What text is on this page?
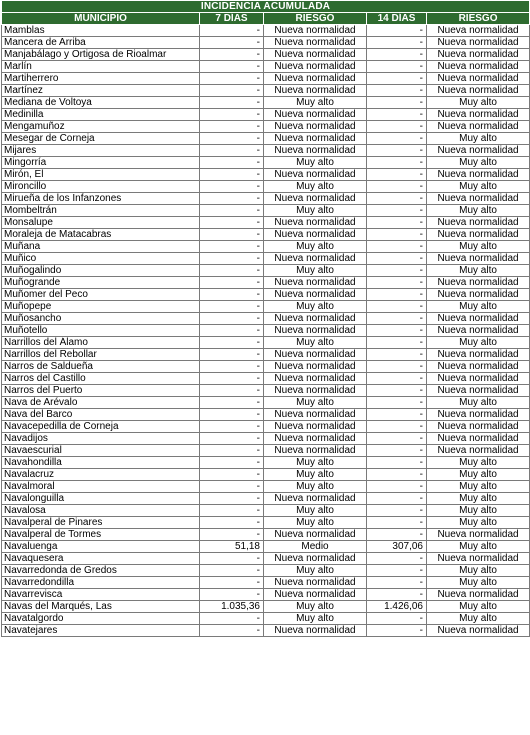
INCIDENCIA ACUMULADA				
MUNICIPIO	7 DÍAS	RIESGO	14 DÍAS	RIESGO
Mamblas	-	Nueva normalidad	-	Nueva normalidad
Mancera de Arriba	-	Nueva normalidad	-	Nueva normalidad
Manjabálago y Ortigosa de Rioalmar	-	Nueva normalidad	-	Nueva normalidad
Marlín	-	Nueva normalidad	-	Nueva normalidad
Martiherrero	-	Nueva normalidad	-	Nueva normalidad
Martínez	-	Nueva normalidad	-	Nueva normalidad
Mediana de Voltoya	-	Muy alto	-	Muy alto
Medinilla	-	Nueva normalidad	-	Nueva normalidad
Mengamuñoz	-	Nueva normalidad	-	Nueva normalidad
Mesegar de Corneja	-	Nueva normalidad	-	Muy alto
Mijares	-	Nueva normalidad	-	Nueva normalidad
Mingorría	-	Muy alto	-	Muy alto
Mirón, El	-	Nueva normalidad	-	Nueva normalidad
Mironcillo	-	Muy alto	-	Muy alto
Mirueña de los Infanzones	-	Nueva normalidad	-	Nueva normalidad
Mombeltrán	-	Muy alto	-	Muy alto
Monsalupe	-	Nueva normalidad	-	Nueva normalidad
Moraleja de Matacabras	-	Nueva normalidad	-	Nueva normalidad
Muñana	-	Muy alto	-	Muy alto
Muñico	-	Nueva normalidad	-	Nueva normalidad
Muñogalindo	-	Muy alto	-	Muy alto
Muñogrande	-	Nueva normalidad	-	Nueva normalidad
Muñomer del Peco	-	Nueva normalidad	-	Nueva normalidad
Muñopepe	-	Muy alto	-	Muy alto
Muñosancho	-	Nueva normalidad	-	Nueva normalidad
Muñotello	-	Nueva normalidad	-	Nueva normalidad
Narrillos del Álamo	-	Muy alto	-	Muy alto
Narrillos del Rebollar	-	Nueva normalidad	-	Nueva normalidad
Narros de Saldueña	-	Nueva normalidad	-	Nueva normalidad
Narros del Castillo	-	Nueva normalidad	-	Nueva normalidad
Narros del Puerto	-	Nueva normalidad	-	Nueva normalidad
Nava de Arévalo	-	Muy alto	-	Muy alto
Nava del Barco	-	Nueva normalidad	-	Nueva normalidad
Navacepedilla de Corneja	-	Nueva normalidad	-	Nueva normalidad
Navadijos	-	Nueva normalidad	-	Nueva normalidad
Navaescurial	-	Nueva normalidad	-	Nueva normalidad
Navahondilla	-	Muy alto	-	Muy alto
Navalacruz	-	Muy alto	-	Muy alto
Navalmoral	-	Muy alto	-	Muy alto
Navalonguilla	-	Nueva normalidad	-	Muy alto
Navalosa	-	Muy alto	-	Muy alto
Navalperal de Pinares	-	Muy alto	-	Muy alto
Navalperal de Tormes	-	Nueva normalidad	-	Nueva normalidad
Navaluenga	51,18	Medio	307,06	Muy alto
Navaquesera	-	Nueva normalidad	-	Nueva normalidad
Navarredonda de Gredos	-	Muy alto	-	Muy alto
Navarredondilla	-	Nueva normalidad	-	Muy alto
Navarrevisca	-	Nueva normalidad	-	Nueva normalidad
Navas del Marqués, Las	1.035,36	Muy alto	1.426,06	Muy alto
Navatalgordo	-	Muy alto	-	Muy alto
Navatejares	-	Nueva normalidad	-	Nueva normalidad
